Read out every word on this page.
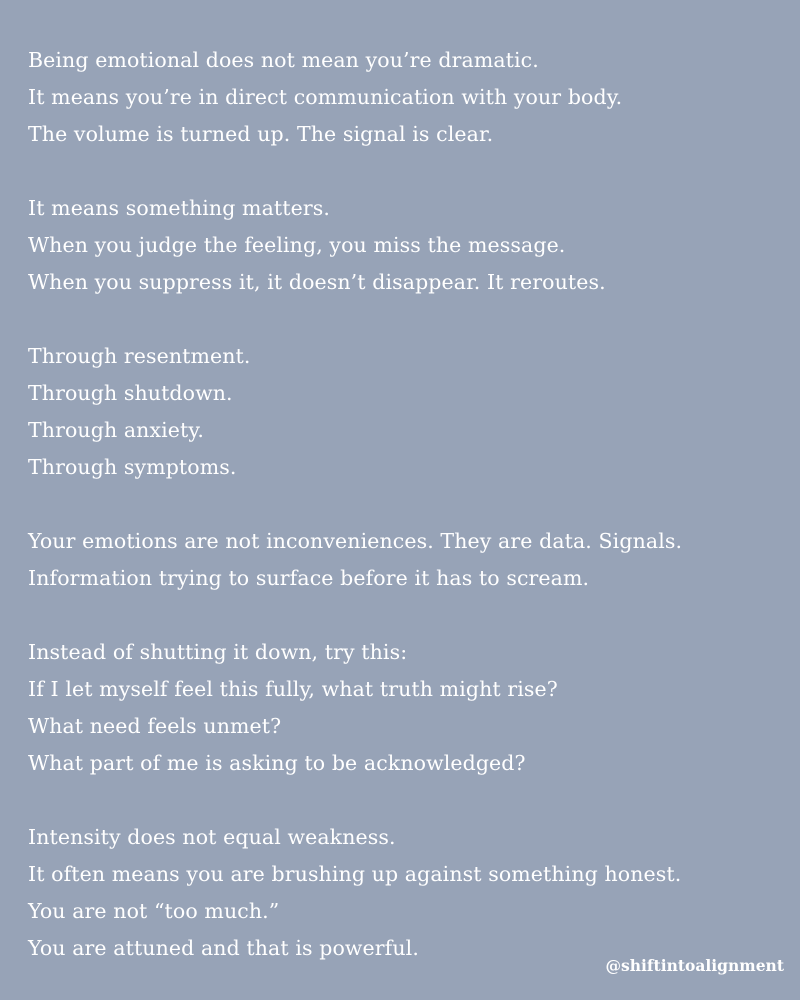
Being emotional does not mean you’re dramatic.
It means you’re in direct communication with your body.
The volume is turned up. The signal is clear.
It means something matters.
When you judge the feeling, you miss the message.
When you suppress it, it doesn’t disappear. It reroutes.
Through resentment.
Through shutdown.
Through anxiety.
Through symptoms.
Your emotions are not inconveniences. They are data. Signals.
Information trying to surface before it has to scream.
Instead of shutting it down, try this:
If I let myself feel this fully, what truth might rise?
What need feels unmet?
What part of me is asking to be acknowledged?
Intensity does not equal weakness.
It often means you are brushing up against something honest.
You are not “too much.”
You are attuned and that is powerful.
@shiftintoalignment
